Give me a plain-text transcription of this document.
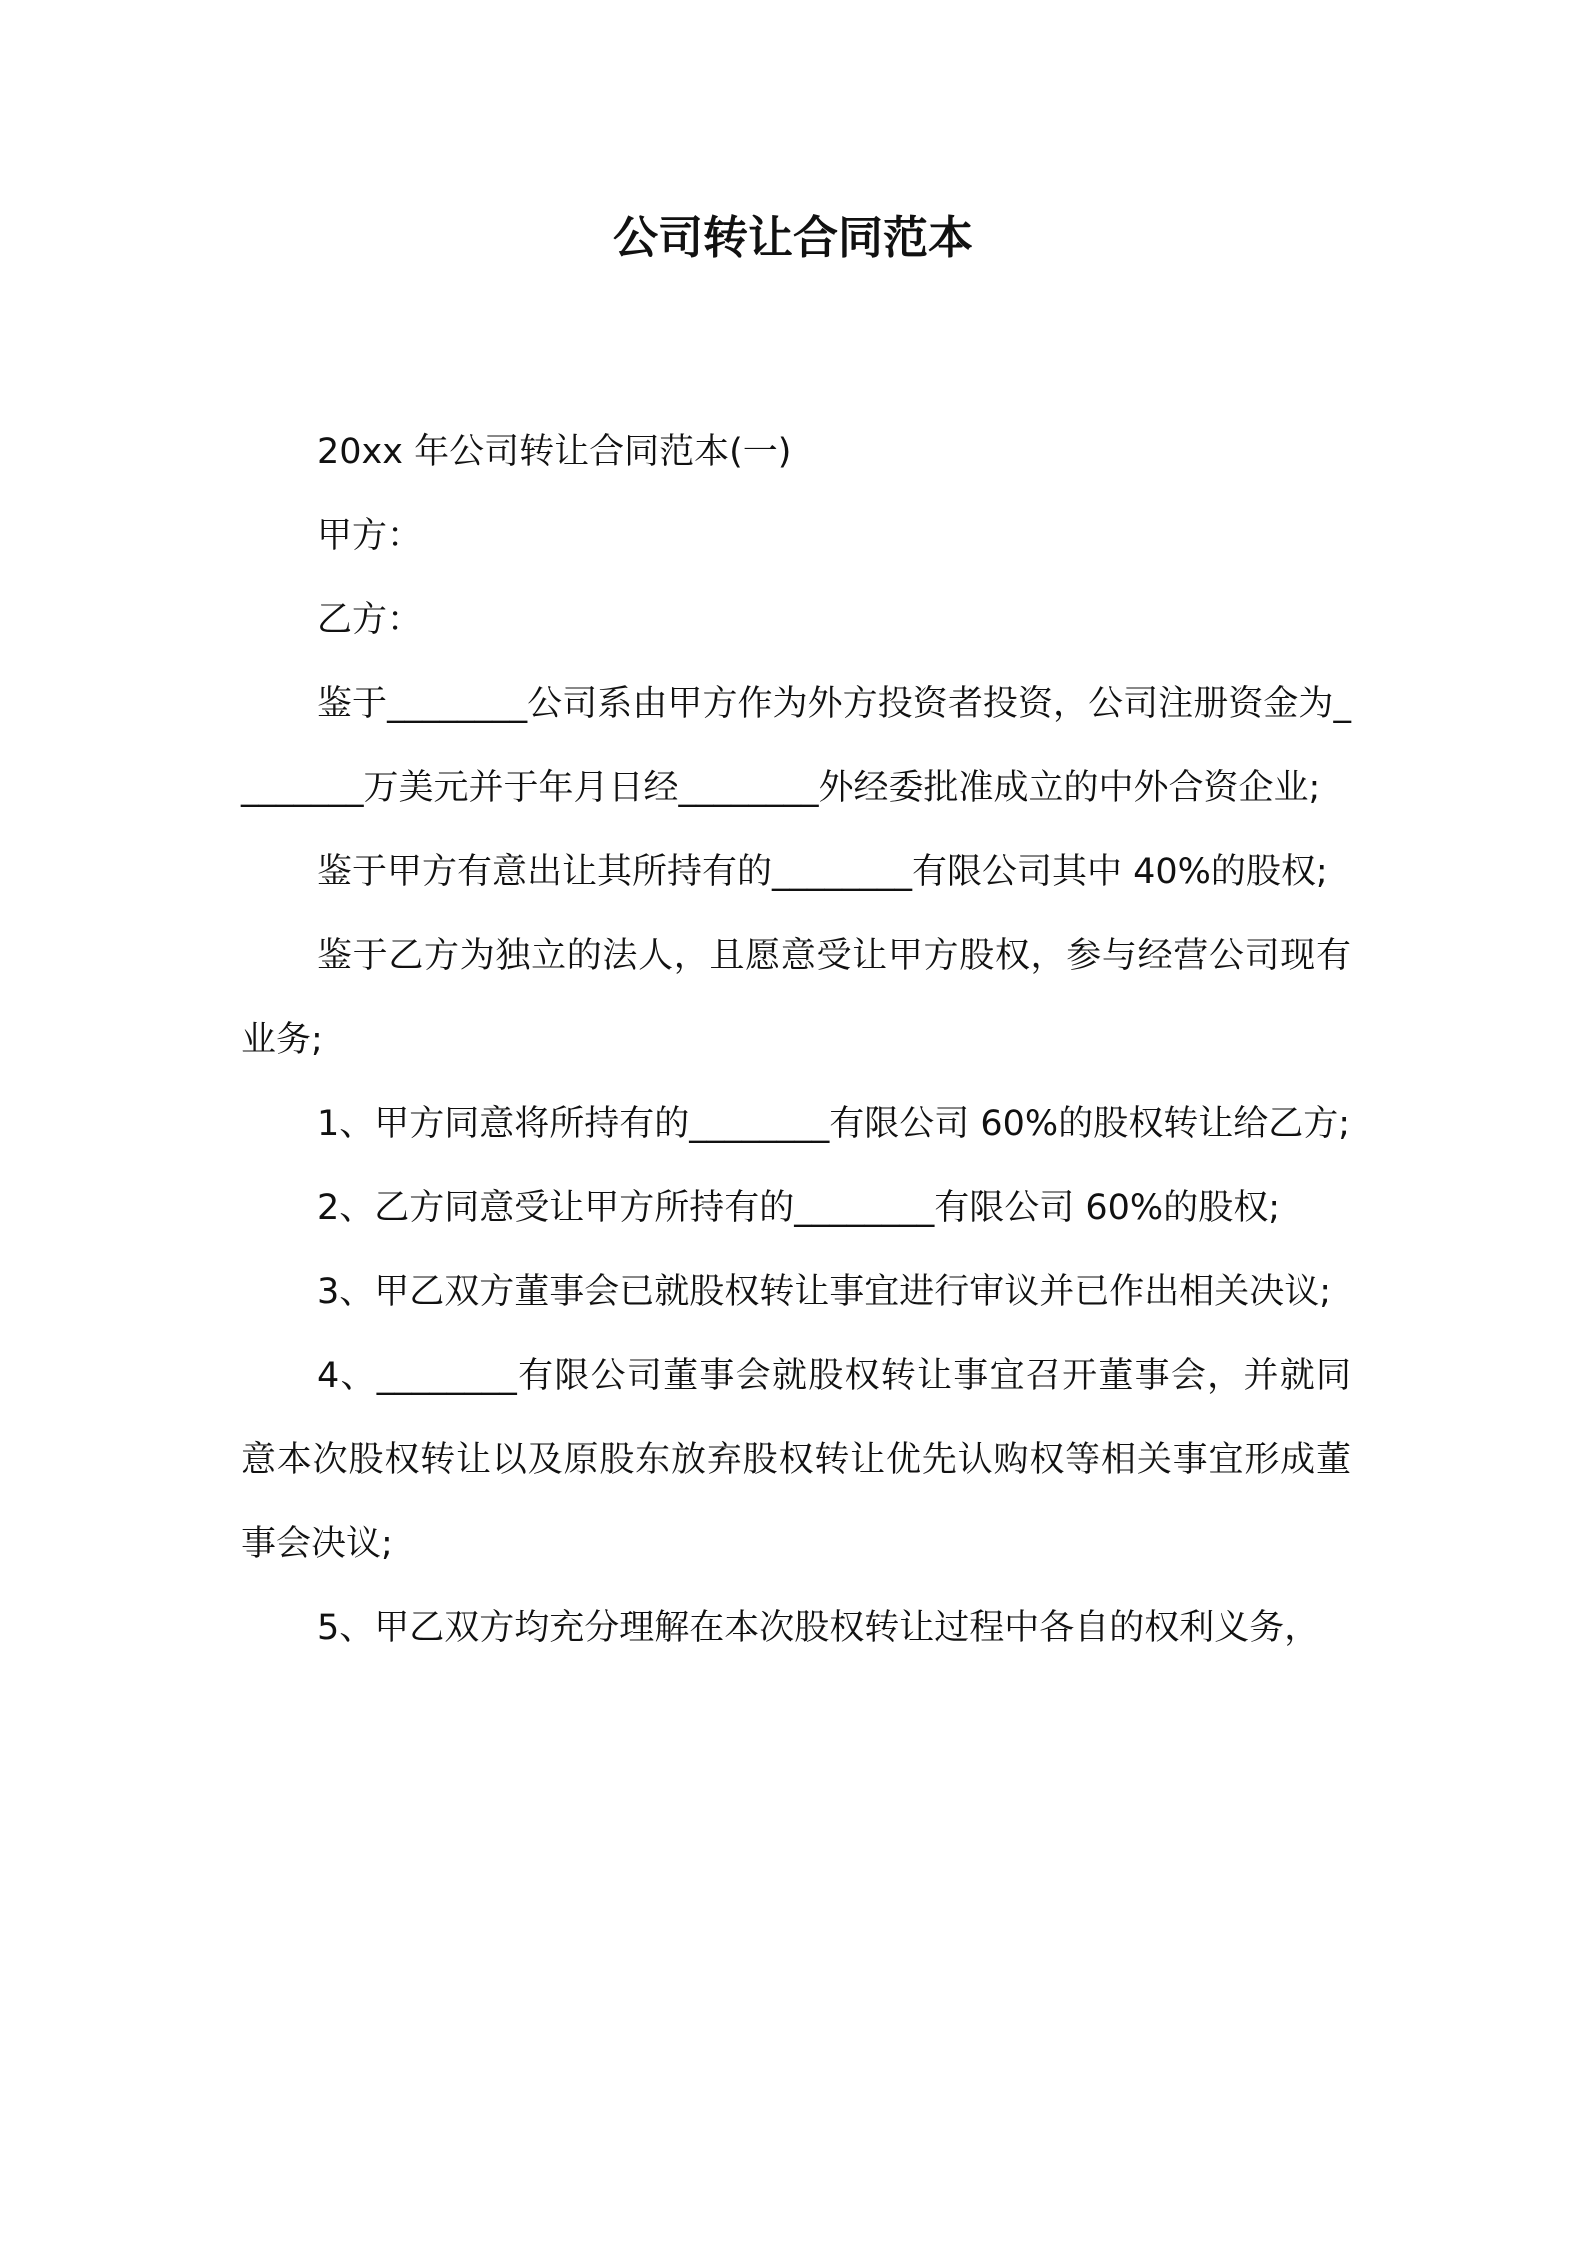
公司转让合同范本

20xx 年公司转让合同范本(一)

甲方：

乙方：

鉴于________公司系由甲方作为外方投资者投资，公司注册资金为________万美元并于年月日经________外经委批准成立的中外合资企业;

鉴于甲方有意出让其所持有的________有限公司其中 40%的股权;

鉴于乙方为独立的法人，且愿意受让甲方股权，参与经营公司现有业务;

1、甲方同意将所持有的________有限公司 60%的股权转让给乙方;

2、乙方同意受让甲方所持有的________有限公司 60%的股权;

3、甲乙双方董事会已就股权转让事宜进行审议并已作出相关决议;

4、________有限公司董事会就股权转让事宜召开董事会，并就同意本次股权转让以及原股东放弃股权转让优先认购权等相关事宜形成董事会决议;

5、甲乙双方均充分理解在本次股权转让过程中各自的权利义务，
